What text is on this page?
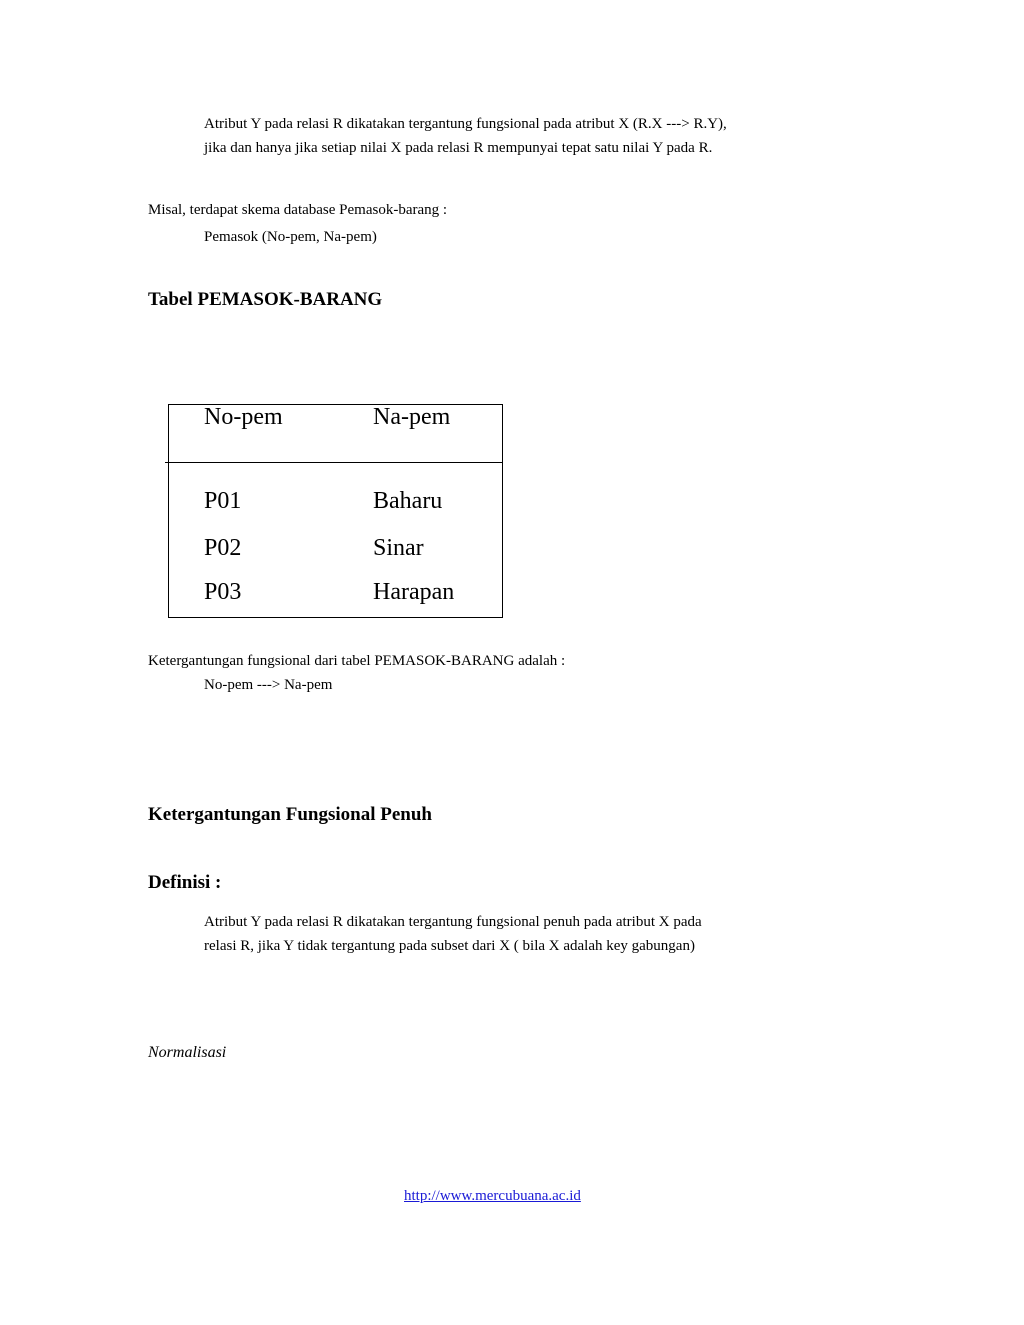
Atribut Y pada relasi R dikatakan tergantung fungsional pada atribut X (R.X ---> R.Y),
jika dan hanya jika setiap nilai X pada relasi R mempunyai tepat satu nilai Y pada R.
Misal, terdapat skema database Pemasok-barang :
Pemasok (No-pem, Na-pem)
Tabel PEMASOK-BARANG
No-pem	Na-pem
P01	Baharu
P02	Sinar
P03	Harapan
Ketergantungan fungsional dari tabel PEMASOK-BARANG adalah :
No-pem ---> Na-pem
Ketergantungan Fungsional Penuh
Definisi :
Atribut Y pada relasi R dikatakan tergantung fungsional penuh pada atribut X pada
relasi R, jika Y tidak tergantung pada subset dari X ( bila X adalah key gabungan)
Normalisasi
http://www.mercubuana.ac.id
